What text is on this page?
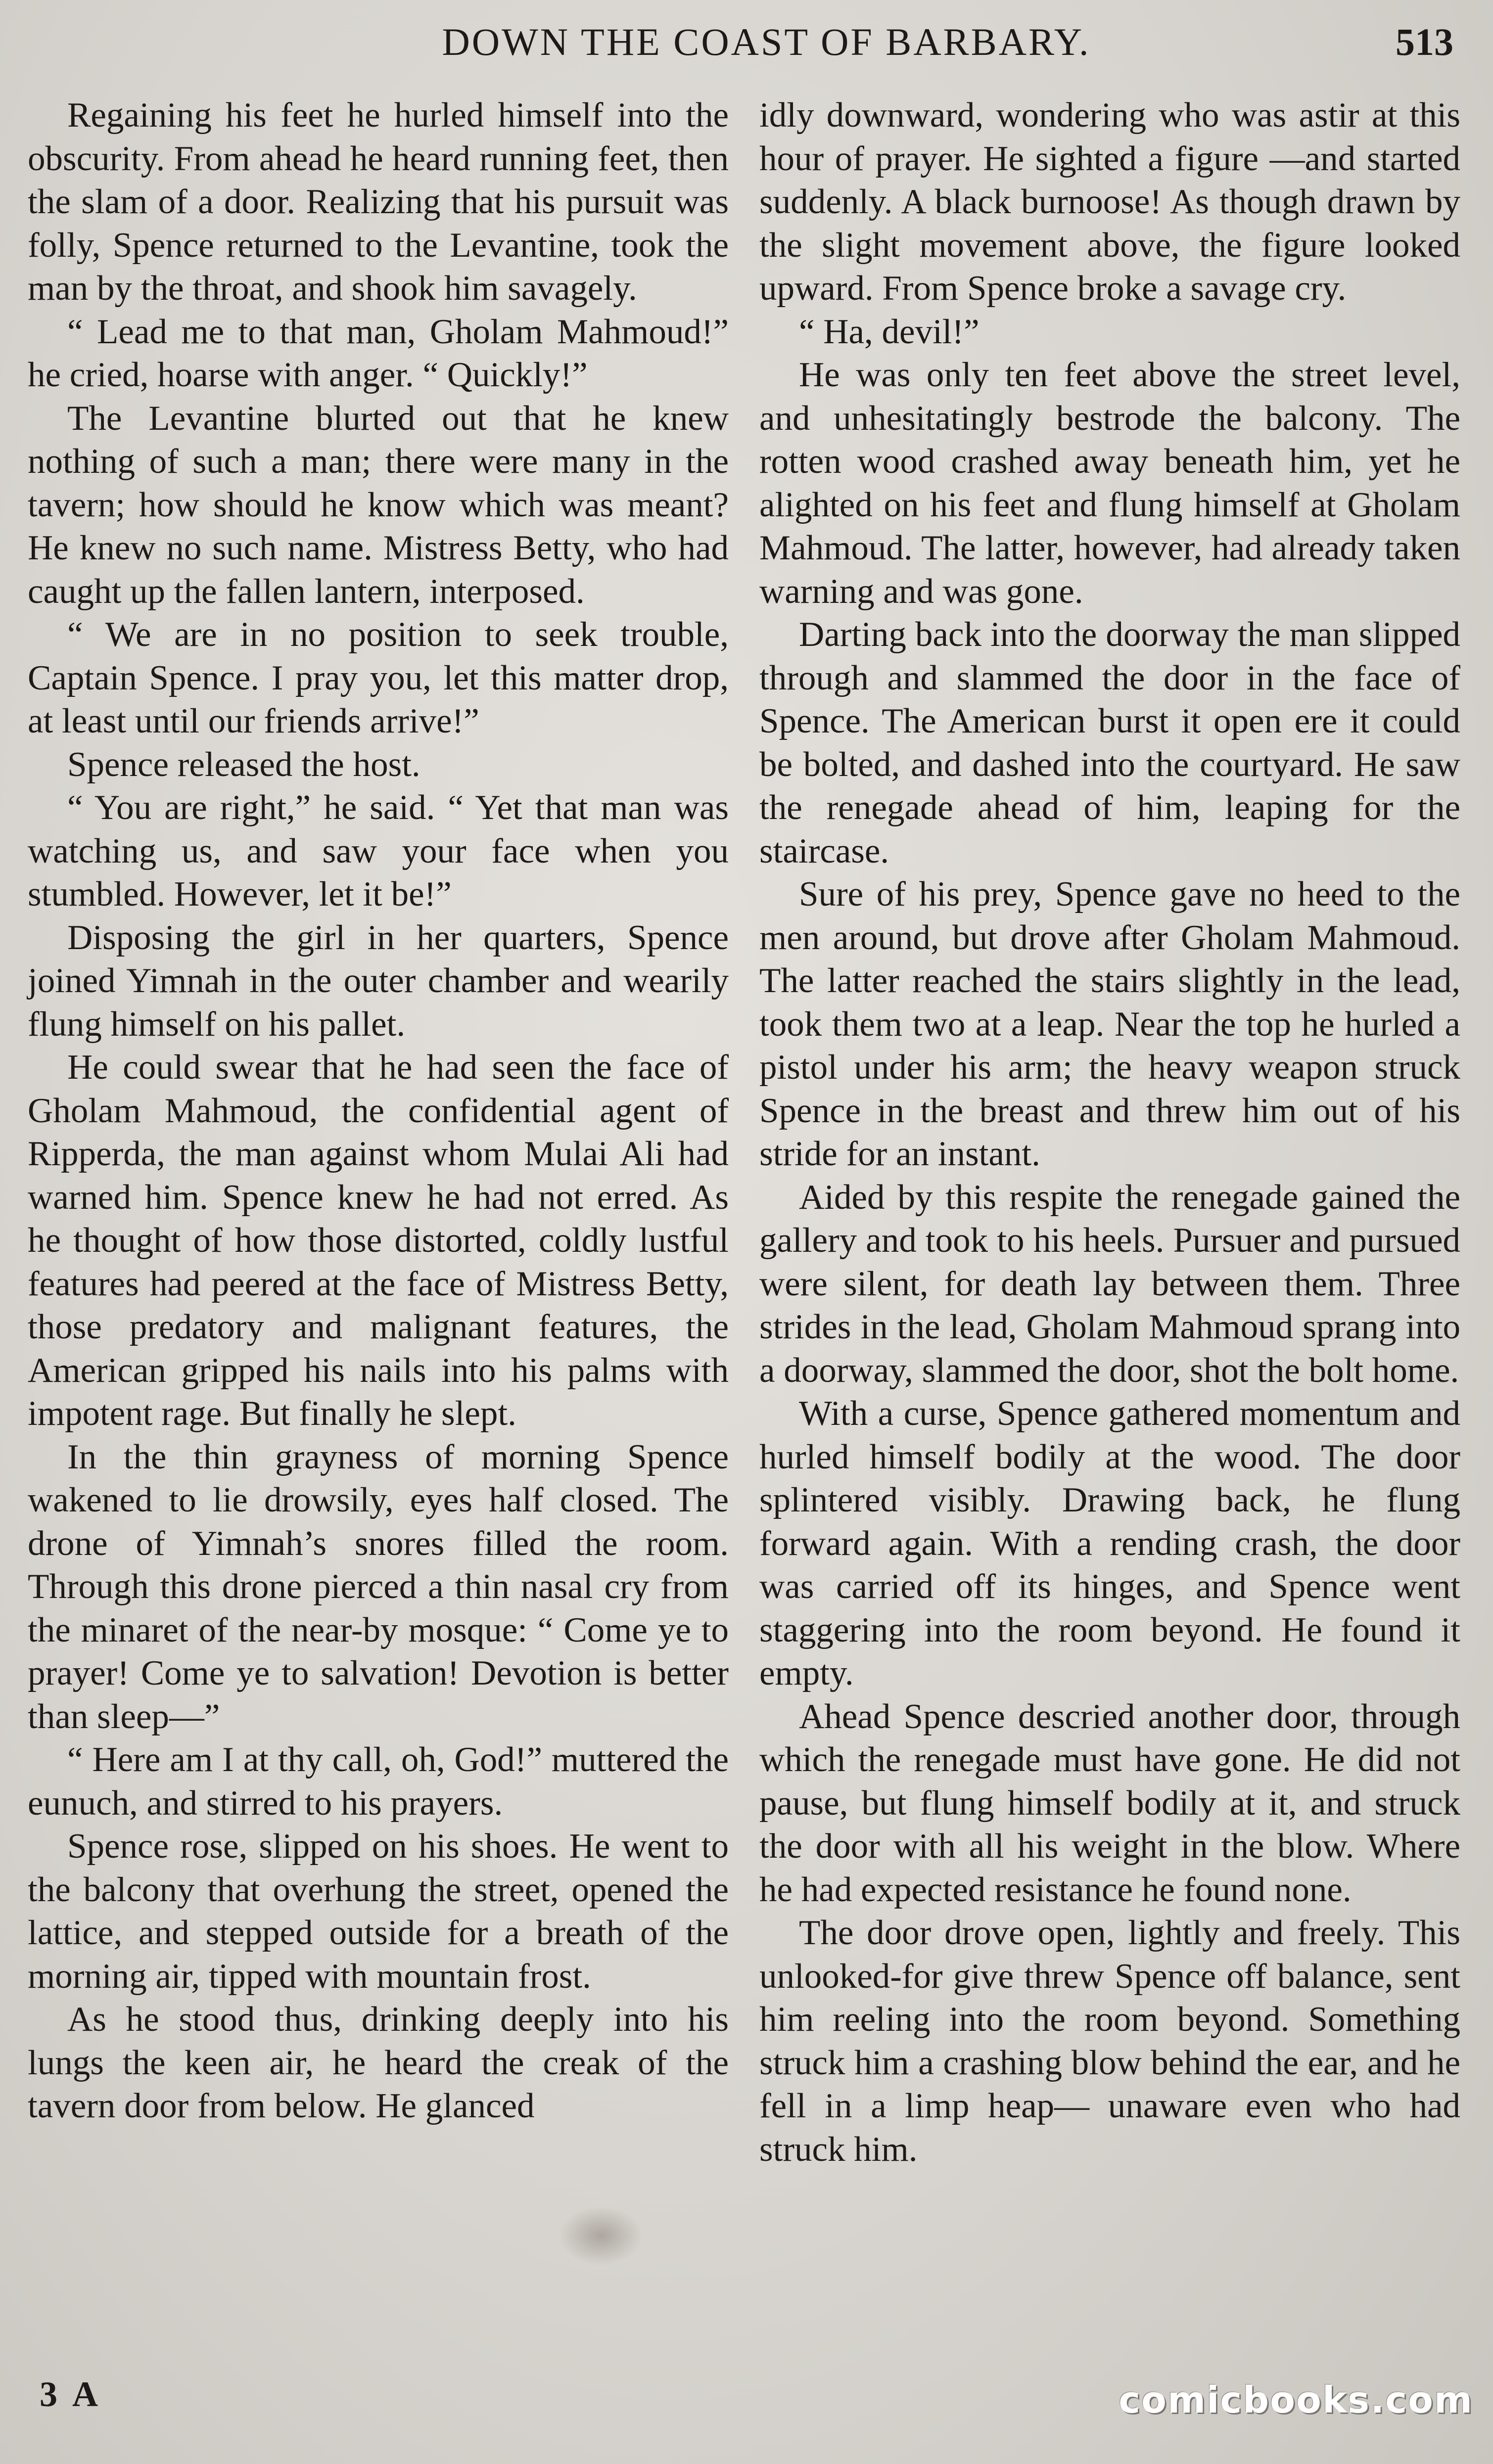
DOWN THE COAST OF BARBARY.	513

Regaining his feet he hurled himself into the obscurity. From ahead he heard running feet, then the slam of a door. Realizing that his pursuit was folly, Spence returned to the Levantine, took the man by the throat, and shook him savagely.

“ Lead me to that man, Gholam Mahmoud!” he cried, hoarse with anger. “ Quickly!”

The Levantine blurted out that he knew nothing of such a man; there were many in the tavern; how should he know which was meant? He knew no such name. Mistress Betty, who had caught up the fallen lantern, interposed.

“ We are in no position to seek trouble, Captain Spence. I pray you, let this matter drop, at least until our friends arrive!”

Spence released the host.

“ You are right,” he said. “ Yet that man was watching us, and saw your face when you stumbled. However, let it be!”

Disposing the girl in her quarters, Spence joined Yimnah in the outer chamber and wearily flung himself on his pallet.

He could swear that he had seen the face of Gholam Mahmoud, the confidential agent of Ripperda, the man against whom Mulai Ali had warned him. Spence knew he had not erred. As he thought of how those distorted, coldly lustful features had peered at the face of Mistress Betty, those predatory and malignant features, the American gripped his nails into his palms with impotent rage. But finally he slept.

In the thin grayness of morning Spence wakened to lie drowsily, eyes half closed. The drone of Yimnah’s snores filled the room. Through this drone pierced a thin nasal cry from the minaret of the near-by mosque: “ Come ye to prayer! Come ye to salvation! Devotion is better than sleep—”

“ Here am I at thy call, oh, God!” muttered the eunuch, and stirred to his prayers.

Spence rose, slipped on his shoes. He went to the balcony that overhung the street, opened the lattice, and stepped outside for a breath of the morning air, tipped with mountain frost.

As he stood thus, drinking deeply into his lungs the keen air, he heard the creak of the tavern door from below. He glanced

idly downward, wondering who was astir at this hour of prayer. He sighted a figure —and started suddenly. A black burnoose! As though drawn by the slight movement above, the figure looked upward. From Spence broke a savage cry.

“ Ha, devil!”

He was only ten feet above the street level, and unhesitatingly bestrode the balcony. The rotten wood crashed away beneath him, yet he alighted on his feet and flung himself at Gholam Mahmoud. The latter, however, had already taken warning and was gone.

Darting back into the doorway the man slipped through and slammed the door in the face of Spence. The American burst it open ere it could be bolted, and dashed into the courtyard. He saw the renegade ahead of him, leaping for the staircase.

Sure of his prey, Spence gave no heed to the men around, but drove after Gholam Mahmoud. The latter reached the stairs slightly in the lead, took them two at a leap. Near the top he hurled a pistol under his arm; the heavy weapon struck Spence in the breast and threw him out of his stride for an instant.

Aided by this respite the renegade gained the gallery and took to his heels. Pursuer and pursued were silent, for death lay between them. Three strides in the lead, Gholam Mahmoud sprang into a doorway, slammed the door, shot the bolt home.

With a curse, Spence gathered momentum and hurled himself bodily at the wood. The door splintered visibly. Drawing back, he flung forward again. With a rending crash, the door was carried off its hinges, and Spence went staggering into the room beyond. He found it empty.

Ahead Spence descried another door, through which the renegade must have gone. He did not pause, but flung himself bodily at it, and struck the door with all his weight in the blow. Where he had expected resistance he found none.

The door drove open, lightly and freely. This unlooked-for give threw Spence off balance, sent him reeling into the room beyond. Something struck him a crashing blow behind the ear, and he fell in a limp heap— unaware even who had struck him.

3 A	comicbooks.com
